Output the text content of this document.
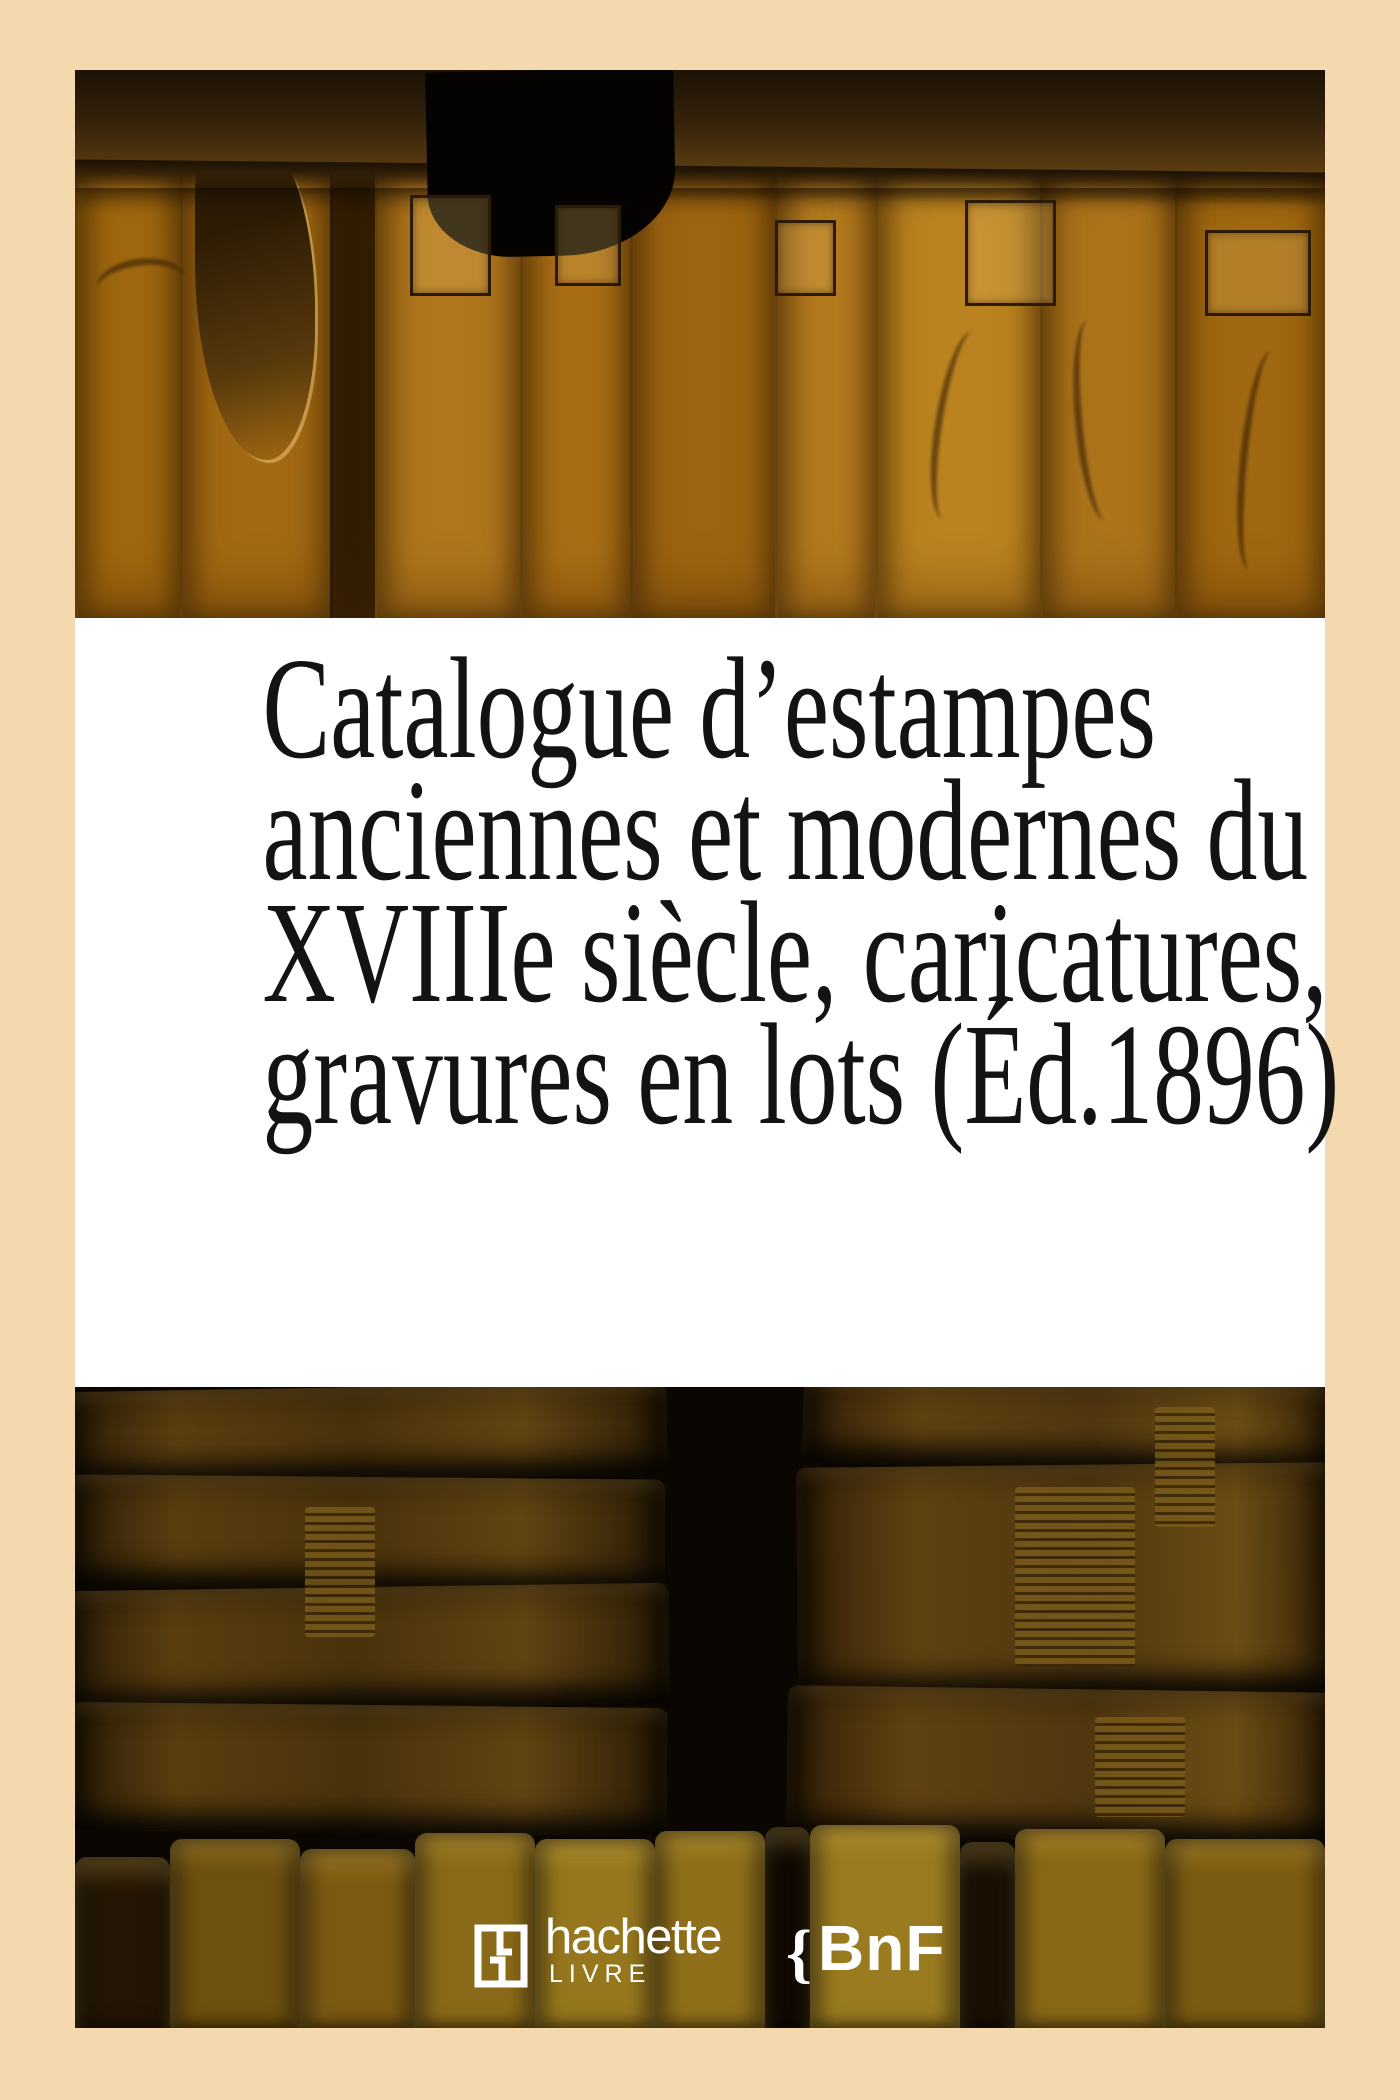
Catalogue d’estampes
anciennes et modernes du
XVIIIe siècle, caricatures,
gravures en lots (Éd.1896)
hachette
LIVRE { BnF
